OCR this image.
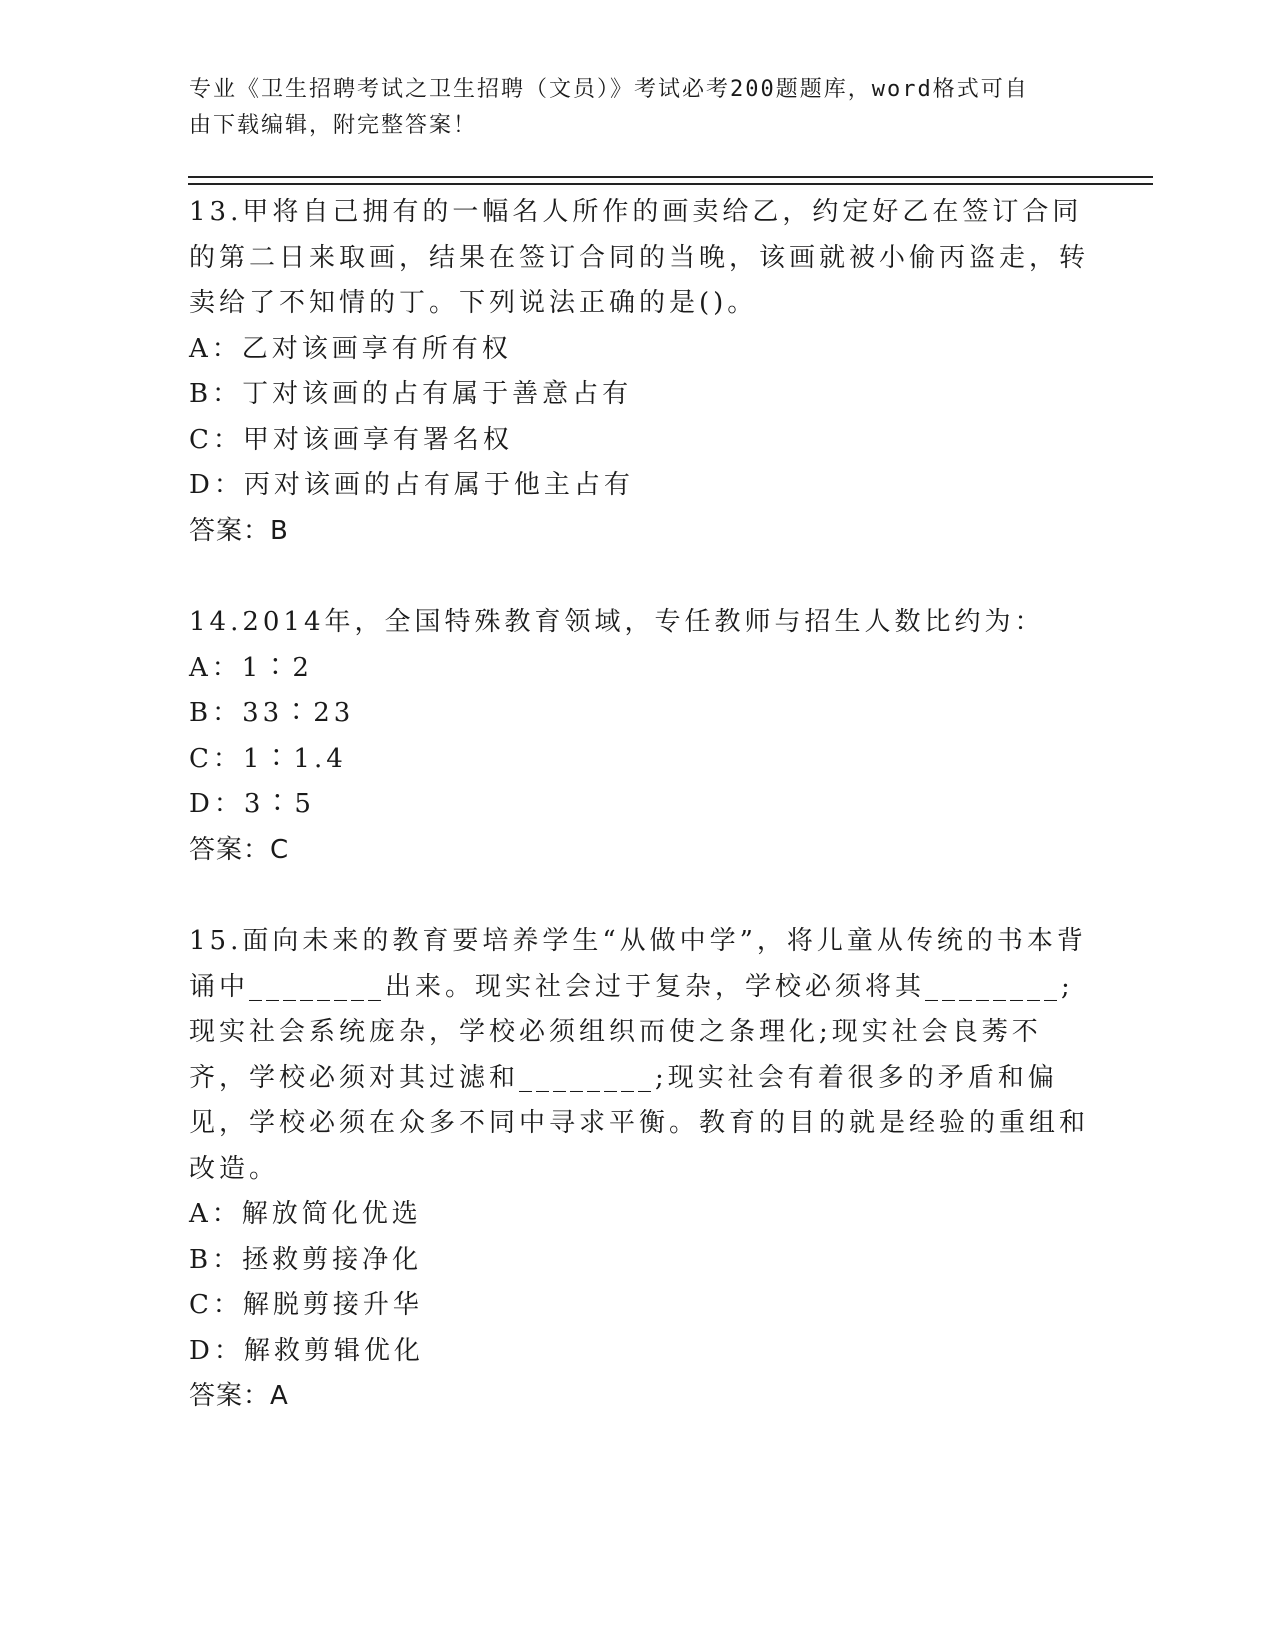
专业《卫生招聘考试之卫生招聘（文员）》考试必考200题题库，word格式可自
由下载编辑，附完整答案！
13.甲将自己拥有的一幅名人所作的画卖给乙，约定好乙在签订合同的第二日来取画，结果在签订合同的当晚，该画就被小偷丙盗走，转卖给了不知情的丁。下列说法正确的是()。
A：乙对该画享有所有权
B：丁对该画的占有属于善意占有
C：甲对该画享有署名权
D：丙对该画的占有属于他主占有
答案：B
14.2014年，全国特殊教育领域，专任教师与招生人数比约为：
A：1∶2
B：33∶23
C：1∶1.4
D：3∶5
答案：C
15.面向未来的教育要培养学生“从做中学”，将儿童从传统的书本背诵中________出来。现实社会过于复杂，学校必须将其________;现实社会系统庞杂，学校必须组织而使之条理化;现实社会良莠不齐，学校必须对其过滤和________;现实社会有着很多的矛盾和偏见，学校必须在众多不同中寻求平衡。教育的目的就是经验的重组和改造。
A：解放简化优选
B：拯救剪接净化
C：解脱剪接升华
D：解救剪辑优化
答案：A
